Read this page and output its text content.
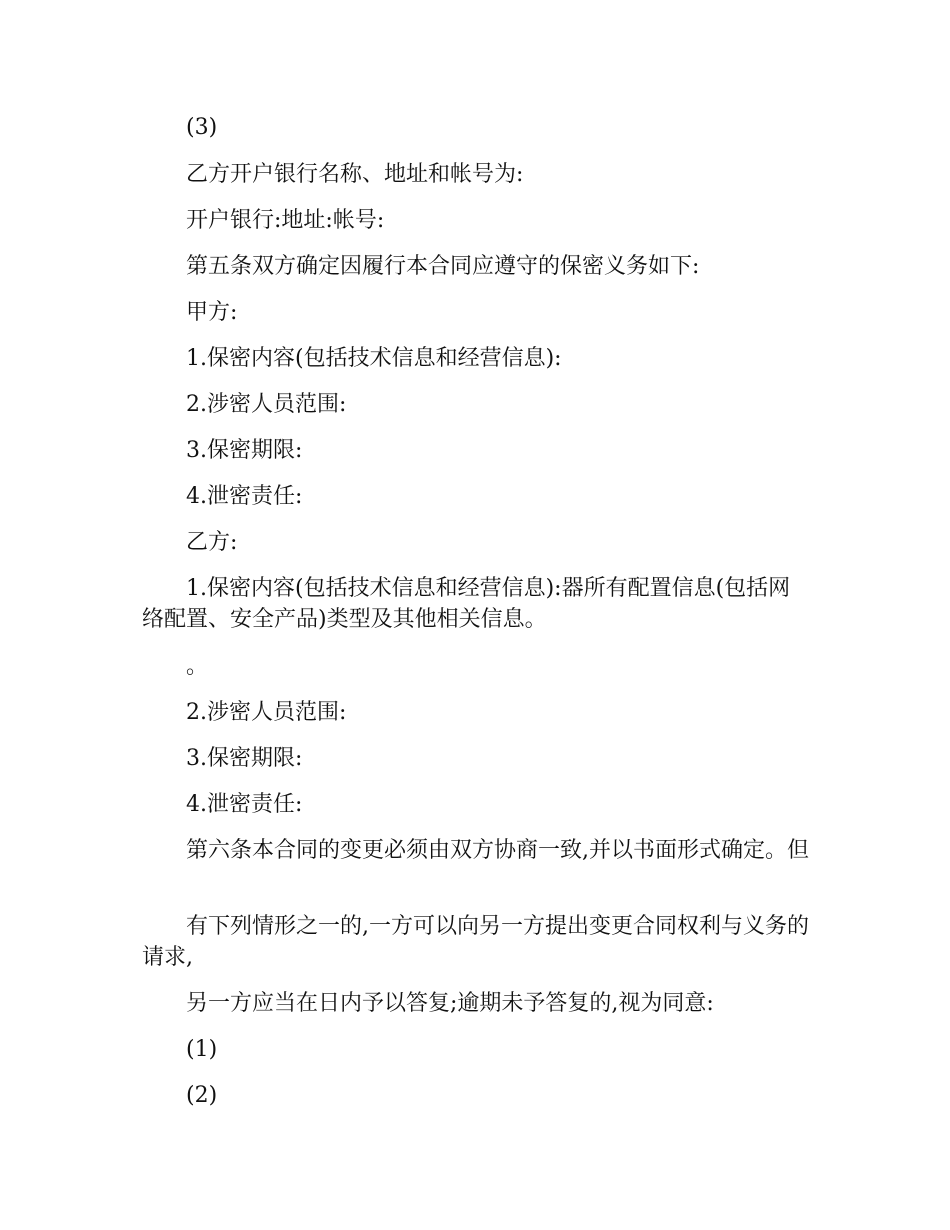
(3)

乙方开户银行名称、地址和帐号为:

开户银行:地址:帐号:

第五条双方确定因履行本合同应遵守的保密义务如下:

甲方:

1.保密内容(包括技术信息和经营信息):

2.涉密人员范围:

3.保密期限:

4.泄密责任:

乙方:

1.保密内容(包括技术信息和经营信息):器所有配置信息(包括网络配置、安全产品)类型及其他相关信息。

。

2.涉密人员范围:

3.保密期限:

4.泄密责任:

第六条本合同的变更必须由双方协商一致,并以书面形式确定。但

有下列情形之一的,一方可以向另一方提出变更合同权利与义务的请求,

另一方应当在日内予以答复;逾期未予答复的,视为同意:

(1)

(2)
